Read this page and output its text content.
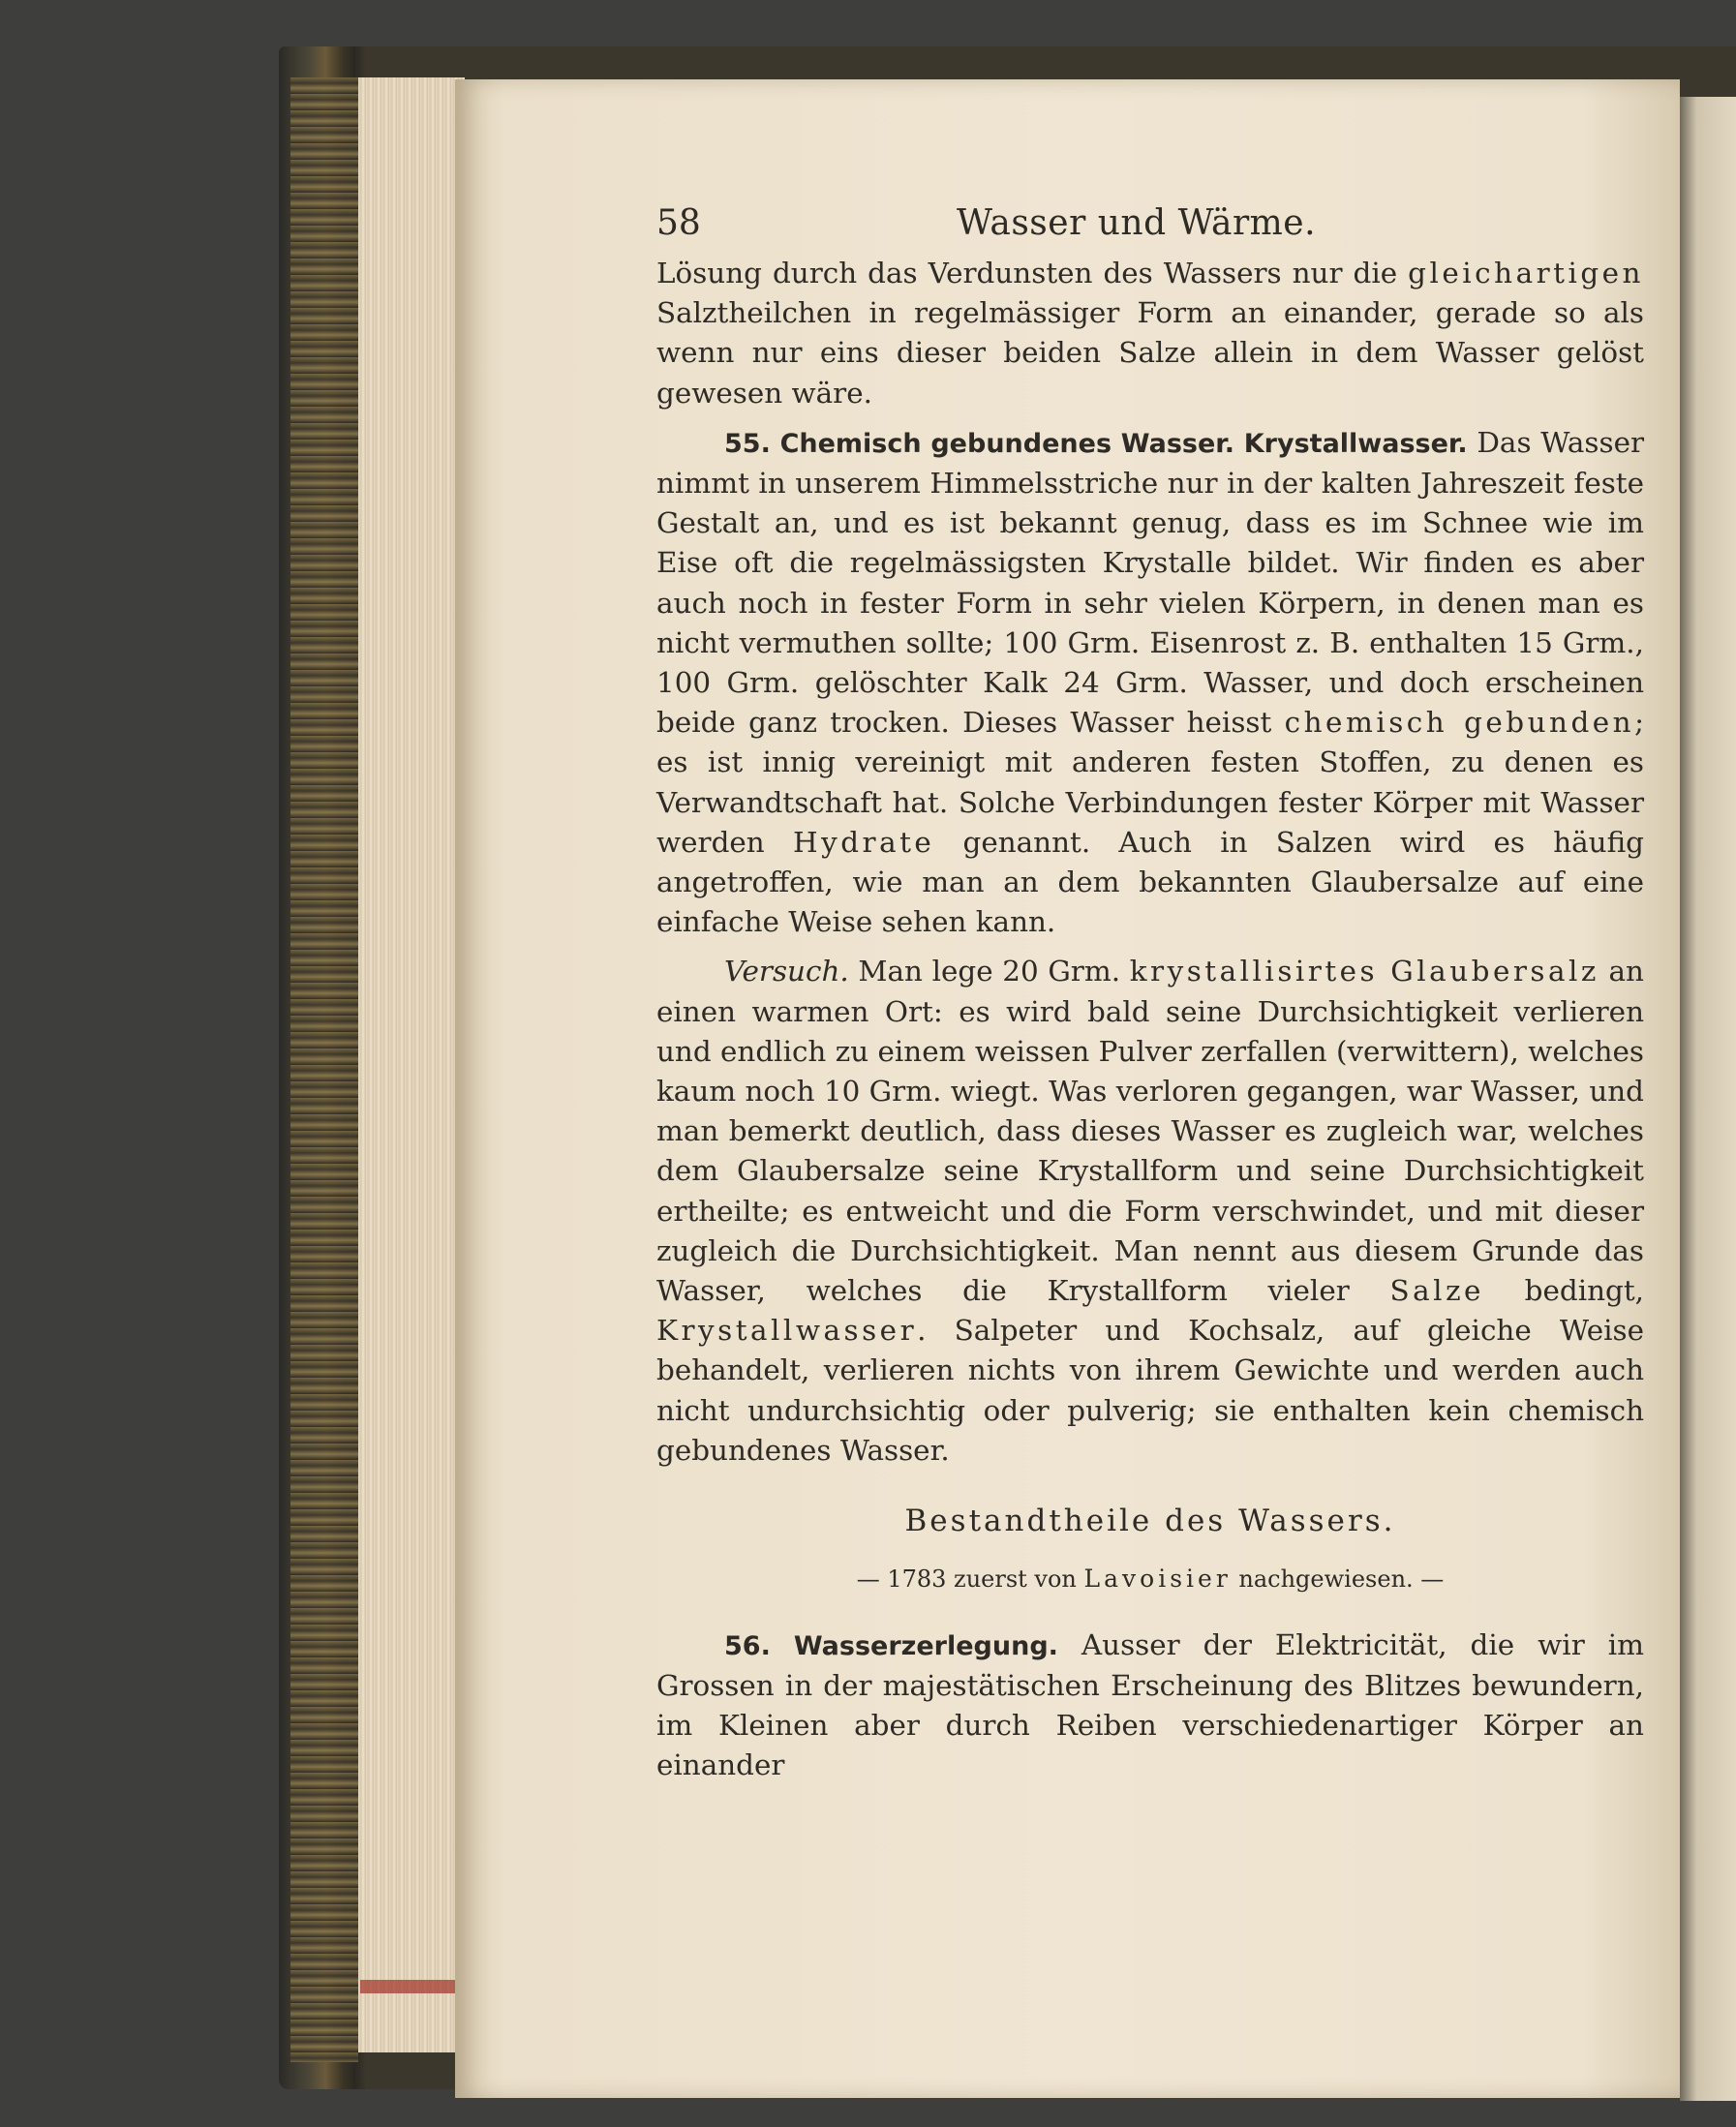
58	Wasser und Wärme.

Lösung durch das Verdunsten des Wassers nur die gleichartigen Salztheilchen in regelmässiger Form an einander, gerade so als wenn nur eins dieser beiden Salze allein in dem Wasser gelöst gewesen wäre.

55. Chemisch gebundenes Wasser. Krystallwasser. Das Wasser nimmt in unserem Himmelsstriche nur in der kalten Jahreszeit feste Gestalt an, und es ist bekannt genug, dass es im Schnee wie im Eise oft die regelmässigsten Krystalle bildet. Wir finden es aber auch noch in fester Form in sehr vielen Körpern, in denen man es nicht vermuthen sollte; 100 Grm. Eisenrost z. B. enthalten 15 Grm., 100 Grm. gelöschter Kalk 24 Grm. Wasser, und doch erscheinen beide ganz trocken. Dieses Wasser heisst chemisch gebunden; es ist innig vereinigt mit anderen festen Stoffen, zu denen es Verwandtschaft hat. Solche Verbindungen fester Körper mit Wasser werden Hydrate genannt. Auch in Salzen wird es häufig angetroffen, wie man an dem bekannten Glaubersalze auf eine einfache Weise sehen kann.

Versuch. Man lege 20 Grm. krystallisirtes Glaubersalz an einen warmen Ort: es wird bald seine Durchsichtigkeit verlieren und endlich zu einem weissen Pulver zerfallen (verwittern), welches kaum noch 10 Grm. wiegt. Was verloren gegangen, war Wasser, und man bemerkt deutlich, dass dieses Wasser es zugleich war, welches dem Glaubersalze seine Krystallform und seine Durchsichtigkeit ertheilte; es entweicht und die Form verschwindet, und mit dieser zugleich die Durchsichtigkeit. Man nennt aus diesem Grunde das Wasser, welches die Krystallform vieler Salze bedingt, Krystallwasser. Salpeter und Kochsalz, auf gleiche Weise behandelt, verlieren nichts von ihrem Gewichte und werden auch nicht undurchsichtig oder pulverig; sie enthalten kein chemisch gebundenes Wasser.

Bestandtheile des Wassers.
— 1783 zuerst von Lavoisier nachgewiesen. —

56. Wasserzerlegung. Ausser der Elektricität, die wir im Grossen in der majestätischen Erscheinung des Blitzes bewundern, im Kleinen aber durch Reiben verschiedenartiger Körper an einander
